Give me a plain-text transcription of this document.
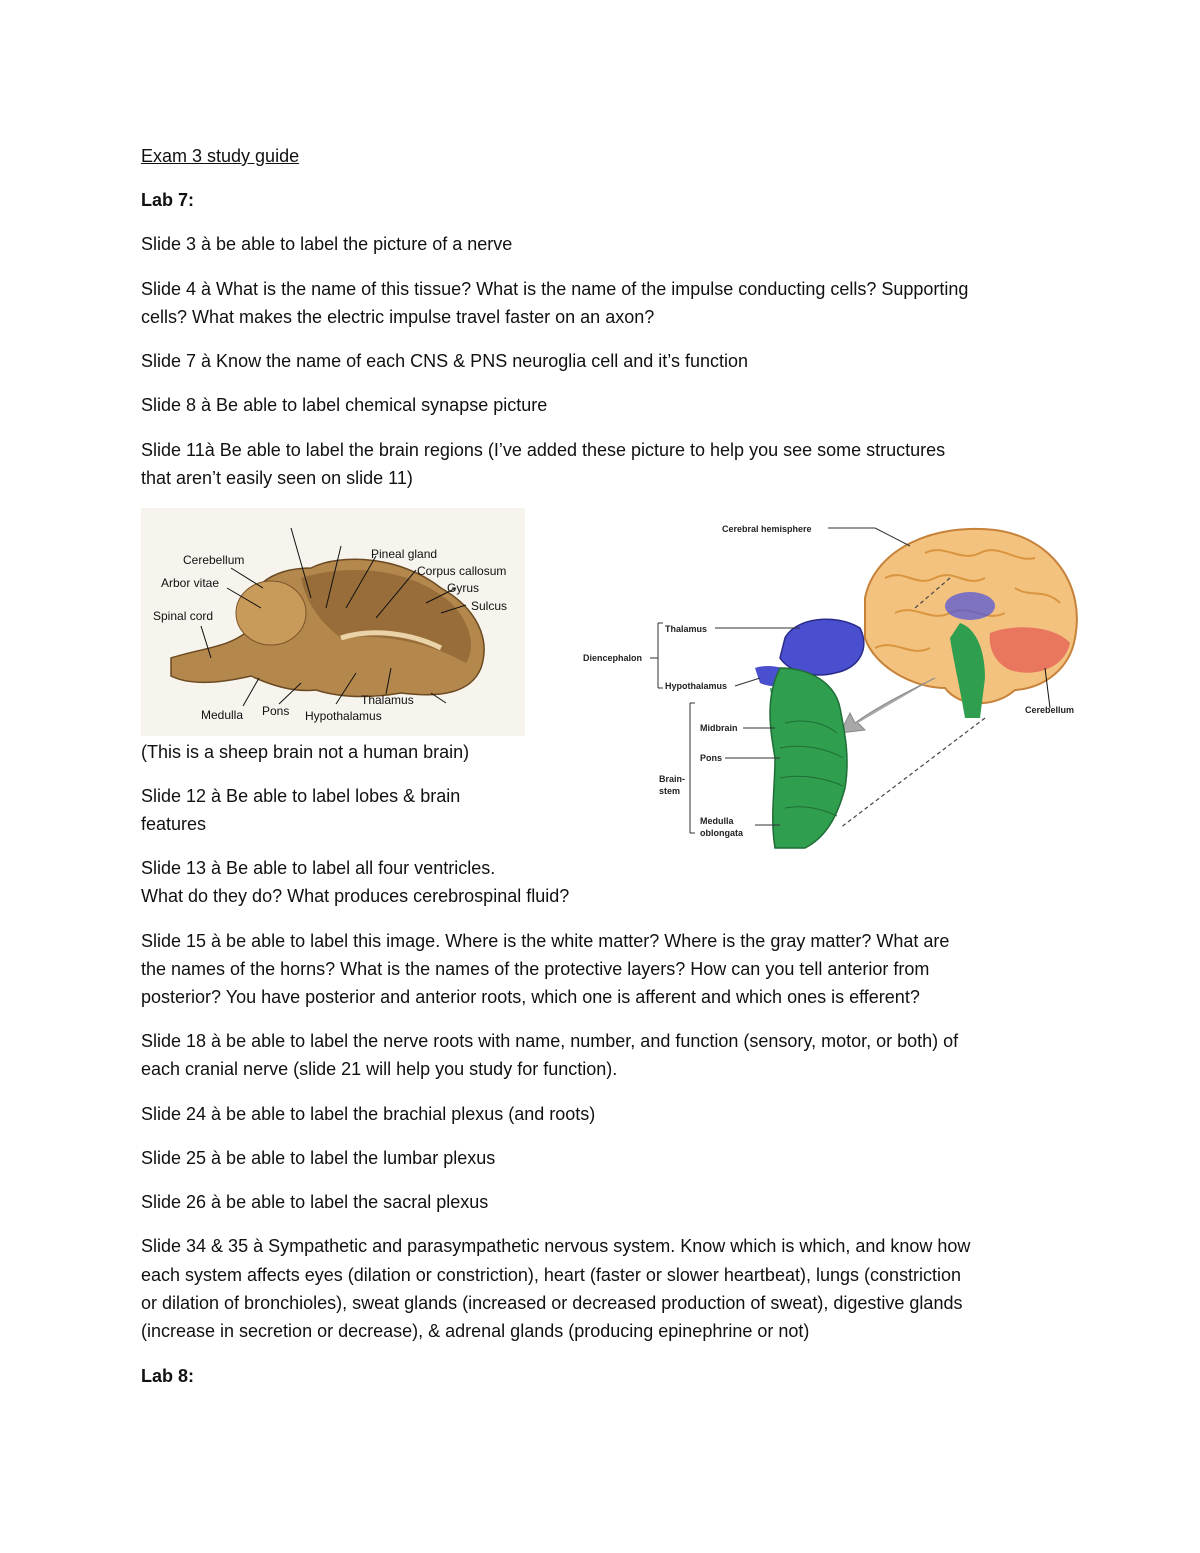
Exam 3 study guide

Lab 7:

Slide 3 à be able to label the picture of a nerve

Slide 4 à What is the name of this tissue? What is the name of the impulse conducting cells? Supporting

cells? What makes the electric impulse travel faster on an axon?

Slide 7 à Know the name of each CNS & PNS neuroglia cell and it’s function

Slide 8 à Be able to label chemical synapse picture

Slide 11à Be able to label the brain regions (I’ve added these picture to help you see some structures

that aren’t easily seen on slide 11)

Cerebellum
Arbor vitae
Spinal cord
Pineal gland
Corpus callosum
Gyrus
Sulcus
Medulla Pons Hypothalamus
Thalamus
Cerebral hemisphere
Thalamus
Diencephalon
Hypothalamus
Midbrain
Pons
Brain-
stem
Medulla
oblongata
Cerebellum

(This is a sheep brain not a human brain)

Slide 12 à Be able to label lobes & brain

features

Slide 13 à Be able to label all four ventricles.

What do they do? What produces cerebrospinal fluid?

Slide 15 à be able to label this image. Where is the white matter? Where is the gray matter? What are

the names of the horns? What is the names of the protective layers? How can you tell anterior from

posterior? You have posterior and anterior roots, which one is afferent and which ones is efferent?

Slide 18 à be able to label the nerve roots with name, number, and function (sensory, motor, or both) of

each cranial nerve (slide 21 will help you study for function).

Slide 24 à be able to label the brachial plexus (and roots)

Slide 25 à be able to label the lumbar plexus

Slide 26 à be able to label the sacral plexus

Slide 34 & 35 à Sympathetic and parasympathetic nervous system. Know which is which, and know how

each system affects eyes (dilation or constriction), heart (faster or slower heartbeat), lungs (constriction

or dilation of bronchioles), sweat glands (increased or decreased production of sweat), digestive glands

(increase in secretion or decrease), & adrenal glands (producing epinephrine or not)

Lab 8:
